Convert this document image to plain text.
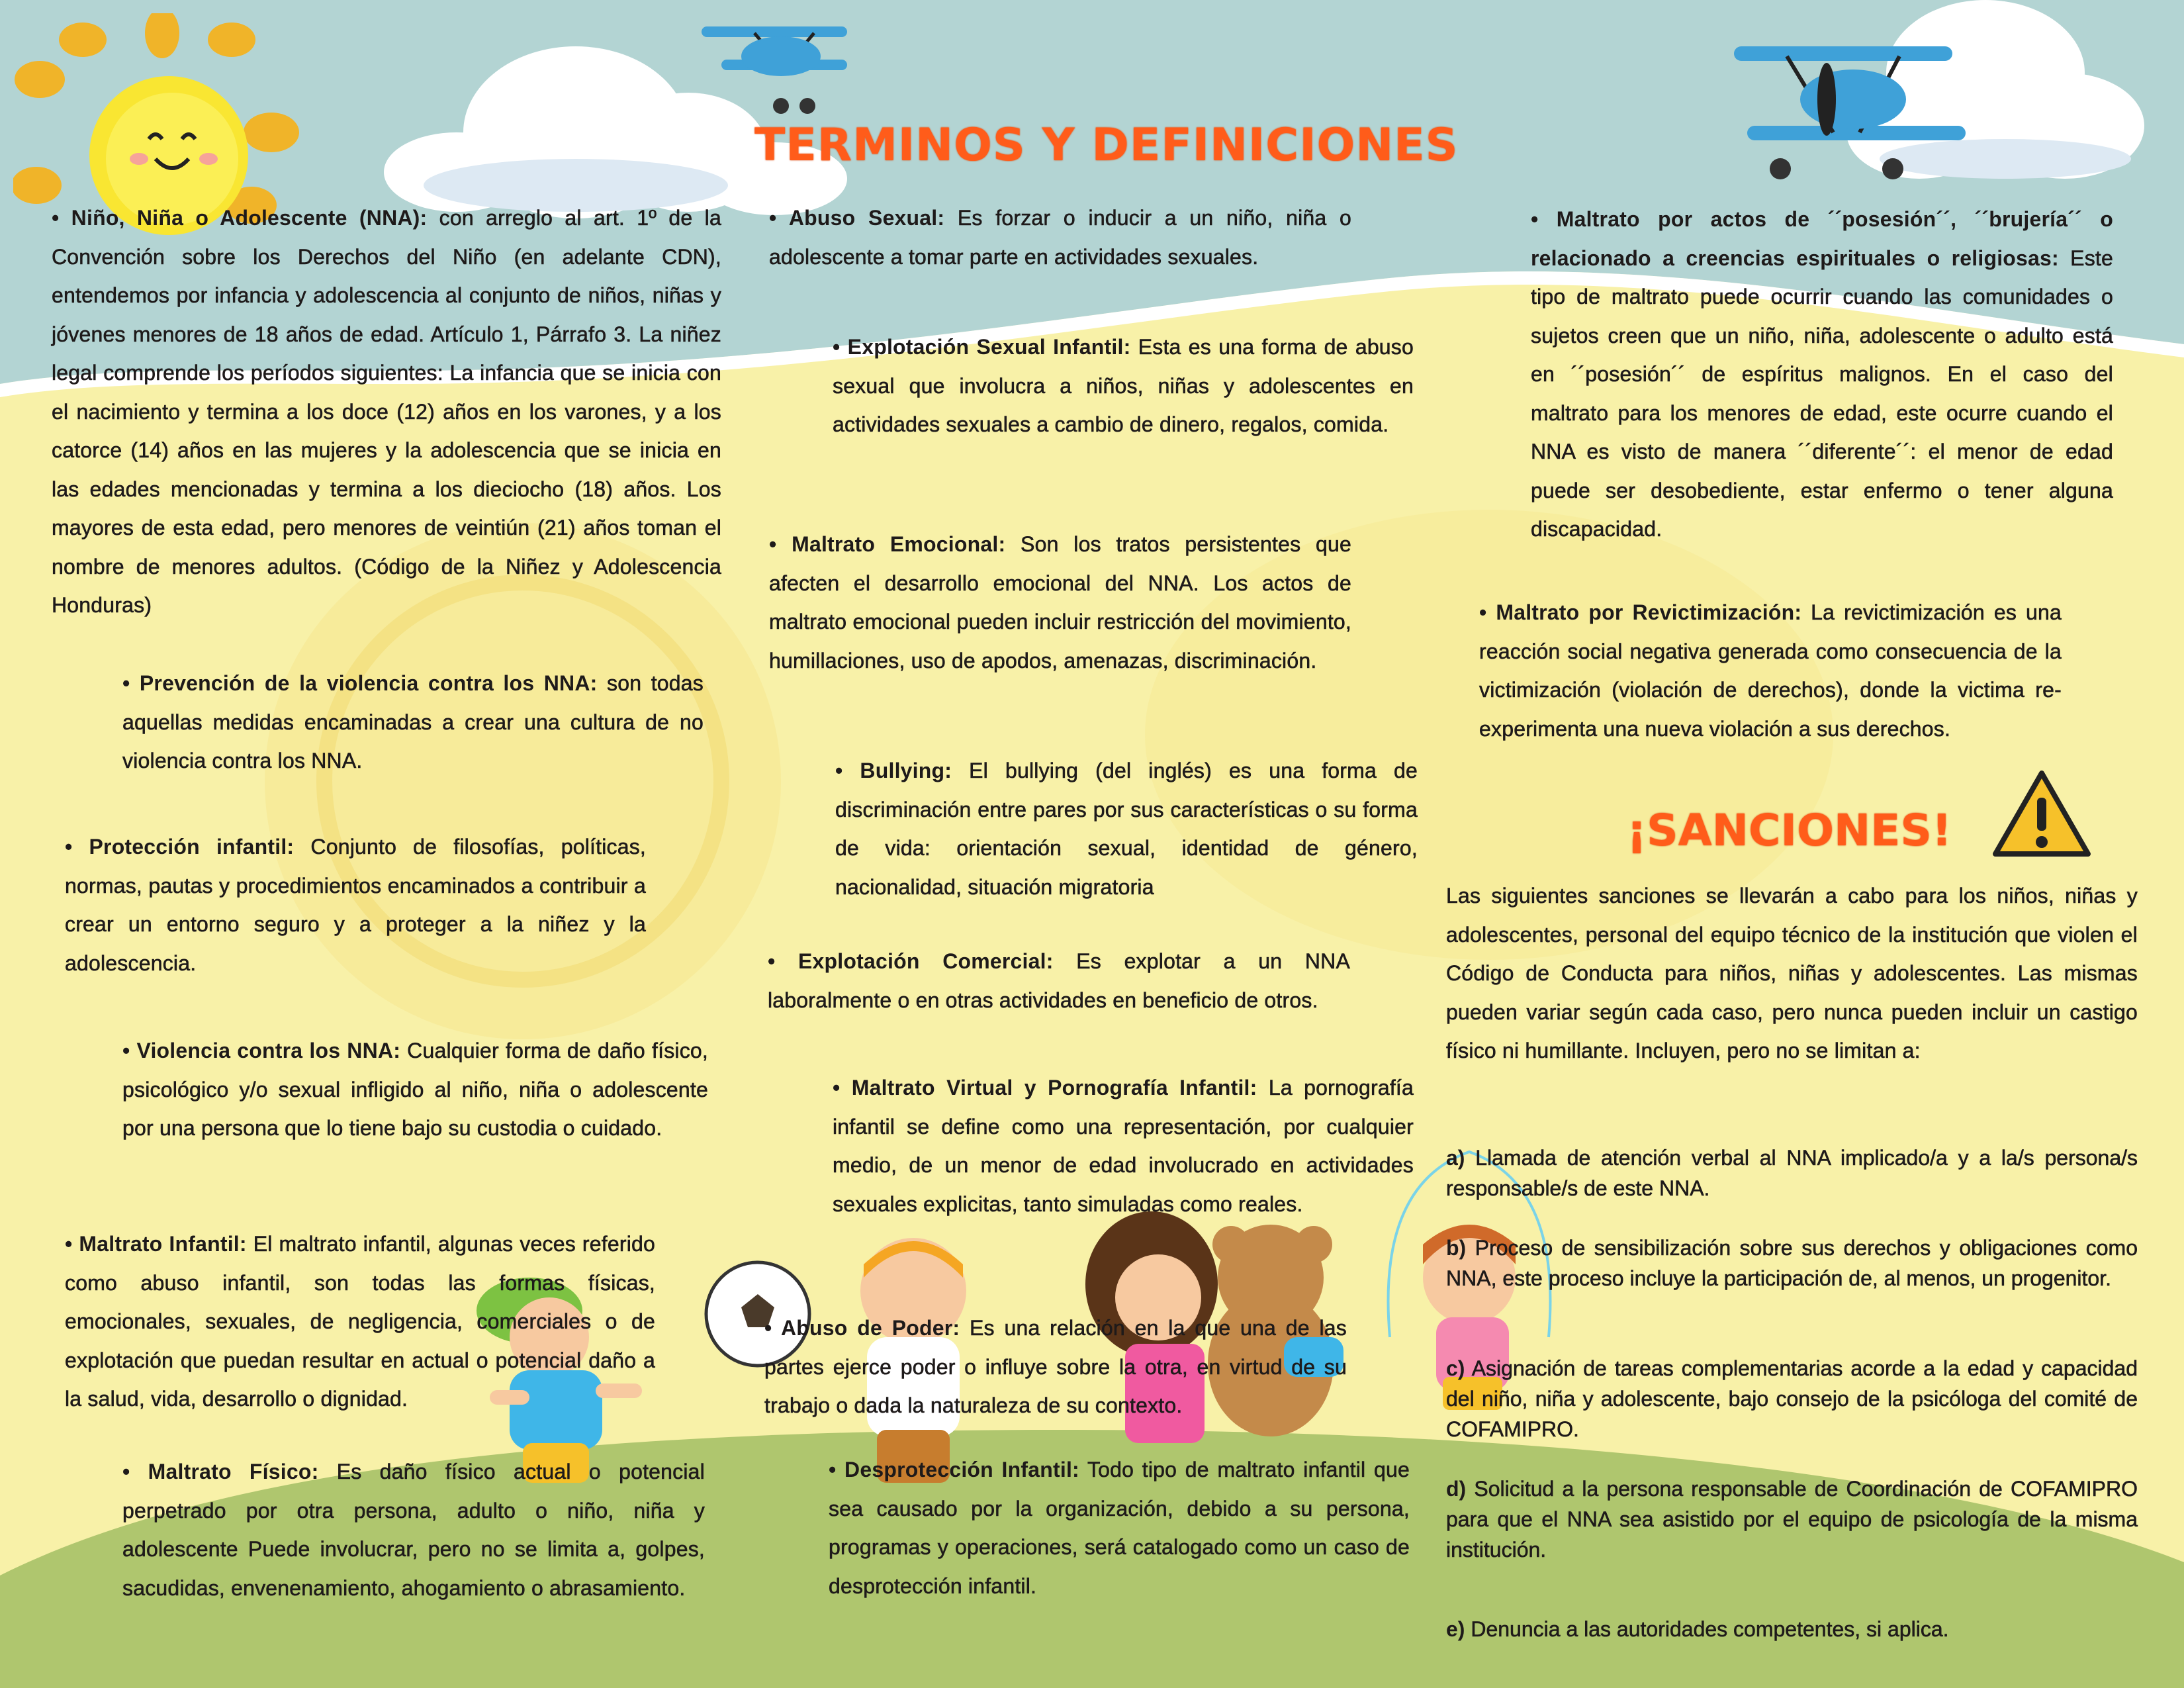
TERMINOS Y DEFINICIONES
• Niño, Niña o Adolescente (NNA): con arreglo al art. 1º de la Convención sobre los Derechos del Niño (en adelante CDN), entendemos por infancia y adolescencia al conjunto de niños, niñas y jóvenes menores de 18 años de edad. Artículo 1, Párrafo 3. La niñez legal comprende los períodos siguientes: La infancia que se inicia con el nacimiento y termina a los doce (12) años en los varones, y a los catorce (14) años en las mujeres y la adolescencia que se inicia en las edades mencionadas y termina a los dieciocho (18) años. Los mayores de esta edad, pero menores de veintiún (21) años toman el nombre de menores adultos. (Código de la Niñez y Adolescencia Honduras)
• Prevención de la violencia contra los NNA: son todas aquellas medidas encaminadas a crear una cultura de no violencia contra los NNA.
• Protección infantil: Conjunto de filosofías, políticas, normas, pautas y procedimientos encaminados a contribuir a crear un entorno seguro y a proteger a la niñez y la adolescencia.
• Violencia contra los NNA: Cualquier forma de daño físico, psicológico y/o sexual infligido al niño, niña o adolescente por una persona que lo tiene bajo su custodia o cuidado.
• Maltrato Infantil: El maltrato infantil, algunas veces referido como abuso infantil, son todas las formas físicas, emocionales, sexuales, de negligencia, comerciales o de explotación que puedan resultar en actual o potencial daño a la salud, vida, desarrollo o dignidad.
• Maltrato Físico: Es daño físico actual o potencial perpetrado por otra persona, adulto o niño, niña y adolescente Puede involucrar, pero no se limita a, golpes, sacudidas, envenenamiento, ahogamiento o abrasamiento.
• Abuso Sexual: Es forzar o inducir a un niño, niña o adolescente a tomar parte en actividades sexuales.
• Explotación Sexual Infantil: Esta es una forma de abuso sexual que involucra a niños, niñas y adolescentes en actividades sexuales a cambio de dinero, regalos, comida.
• Maltrato Emocional: Son los tratos persistentes que afecten el desarrollo emocional del NNA. Los actos de maltrato emocional pueden incluir restricción del movimiento, humillaciones, uso de apodos, amenazas, discriminación.
• Bullying: El bullying (del inglés) es una forma de discriminación entre pares por sus características o su forma de vida: orientación sexual, identidad de género, nacionalidad, situación migratoria
• Explotación Comercial: Es explotar a un NNA laboralmente o en otras actividades en beneficio de otros.
• Maltrato Virtual y Pornografía Infantil: La pornografía infantil se define como una representación, por cualquier medio, de un menor de edad involucrado en actividades sexuales explicitas, tanto simuladas como reales.
• Abuso de Poder: Es una relación en la que una de las partes ejerce poder o influye sobre la otra, en virtud de su trabajo o dada la naturaleza de su contexto.
• Desprotección Infantil: Todo tipo de maltrato infantil que sea causado por la organización, debido a su persona, programas y operaciones, será catalogado como un caso de desprotección infantil.
• Maltrato por actos de ´´posesión´´, ´´brujería´´ o relacionado a creencias espirituales o religiosas: Este tipo de maltrato puede ocurrir cuando las comunidades o sujetos creen que un niño, niña, adolescente o adulto está en ´´posesión´´ de espíritus malignos. En el caso del maltrato para los menores de edad, este ocurre cuando el NNA es visto de manera ´´diferente´´: el menor de edad puede ser desobediente, estar enfermo o tener alguna discapacidad.
• Maltrato por Revictimización: La revictimización es una reacción social negativa generada como consecuencia de la victimización (violación de derechos), donde la victima re-experimenta una nueva violación a sus derechos.
¡SANCIONES!
Las siguientes sanciones se llevarán a cabo para los niños, niñas y adolescentes, personal del equipo técnico de la institución que violen el Código de Conducta para niños, niñas y adolescentes. Las mismas pueden variar según cada caso, pero nunca pueden incluir un castigo físico ni humillante. Incluyen, pero no se limitan a:
a) Llamada de atención verbal al NNA implicado/a y a la/s persona/s responsable/s de este NNA.
b) Proceso de sensibilización sobre sus derechos y obligaciones como NNA, este proceso incluye la participación de, al menos, un progenitor.
c) Asignación de tareas complementarias acorde a la edad y capacidad del niño, niña y adolescente, bajo consejo de la psicóloga del comité de COFAMIPRO.
d) Solicitud a la persona responsable de Coordinación de COFAMIPRO para que el NNA sea asistido por el equipo de psicología de la misma institución.
e) Denuncia a las autoridades competentes, si aplica.
